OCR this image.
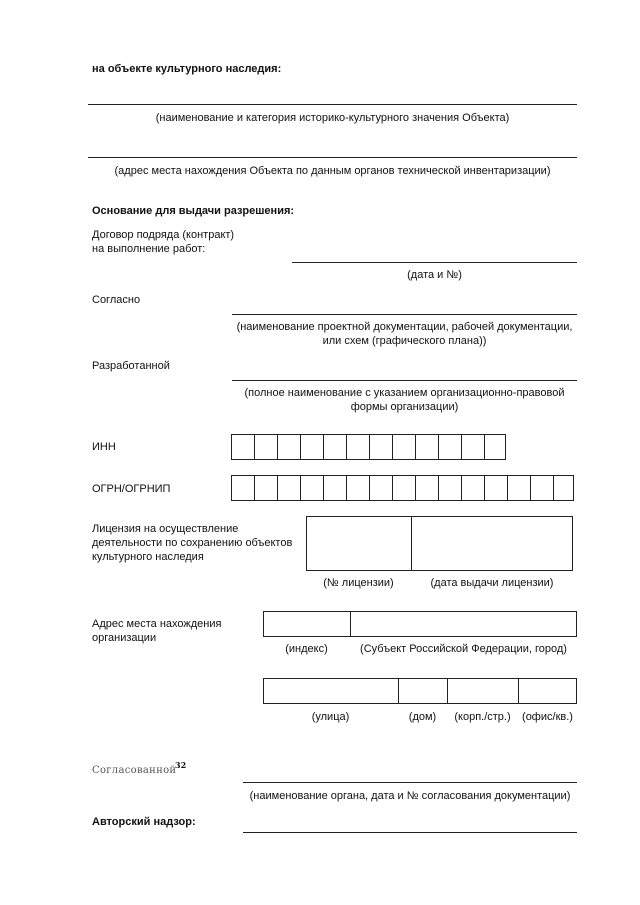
на объекте культурного наследия:
(наименование и категория историко-культурного значения Объекта)
(адрес места нахождения Объекта по данным органов технической инвентаризации)
Основание для выдачи разрешения:
Договор подряда (контракт)
на выполнение работ:
(дата и №)
Согласно
(наименование проектной документации, рабочей документации,
или схем (графического плана))
Разработанной
(полное наименование с указанием организационно-правовой
формы организации)
ИНН
ОГРН/ОГРНИП
Лицензия на осуществление
деятельности по сохранению объектов
культурного наследия
(№ лицензии)	(дата выдачи лицензии)
Адрес места нахождения
организации
(индекс)	(Субъект Российской Федерации, город)
(улица)	(дом)	(корп./стр.)	(офис/кв.)
Согласованной
32
(наименование органа, дата и № согласования документации)
Авторский надзор:
